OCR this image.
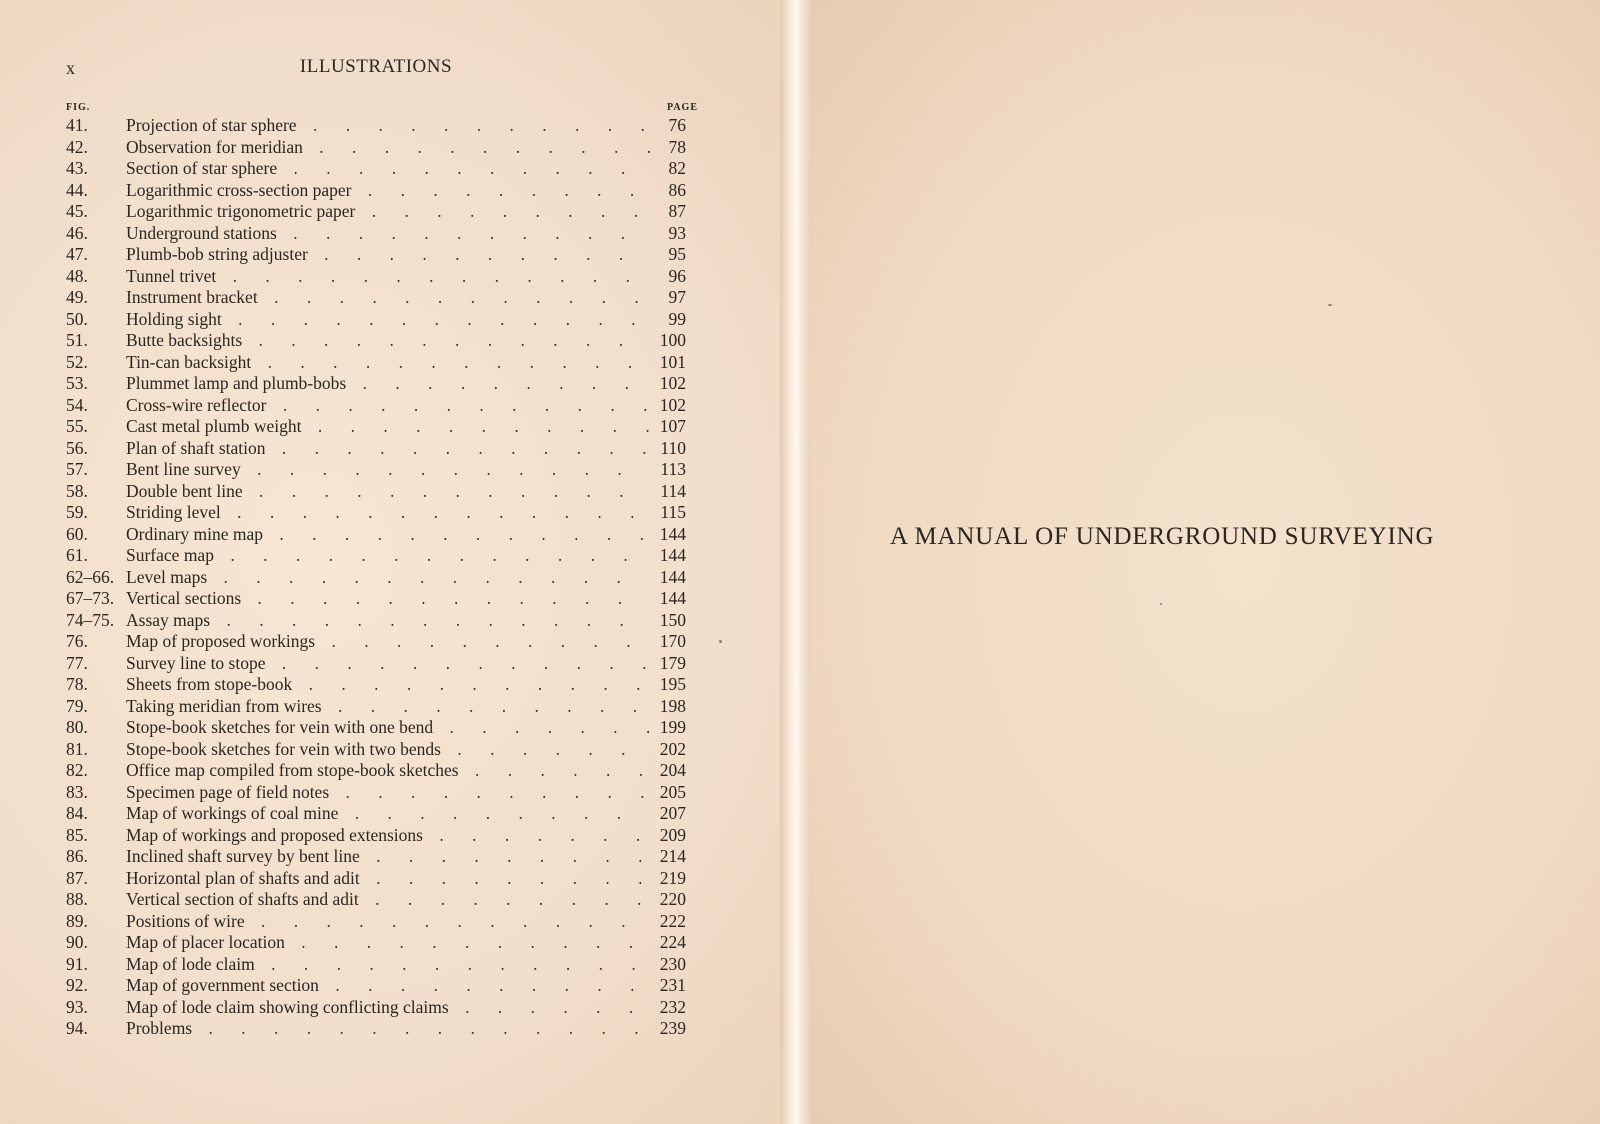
x	ILLUSTRATIONS
FIG.	PAGE
41.	Projection of star sphere . . .	76
42.	Observation for meridian . . .	78
43.	Section of star sphere . . .	82
44.	Logarithmic cross-section paper . . .	86
45.	Logarithmic trigonometric paper . . .	87
46.	Underground stations . . .	93
47.	Plumb-bob string adjuster . . .	95
48.	Tunnel trivet . . .	96
49.	Instrument bracket . . .	97
50.	Holding sight . . .	99
51.	Butte backsights . . .	100
52.	Tin-can backsight . . .	101
53.	Plummet lamp and plumb-bobs . . .	102
54.	Cross-wire reflector . . .	102
55.	Cast metal plumb weight . . .	107
56.	Plan of shaft station . . .	110
57.	Bent line survey . . .	113
58.	Double bent line . . .	114
59.	Striding level . . .	115
60.	Ordinary mine map . . .	144
61.	Surface map . . .	144
62–66. Level maps . . .	144
67–73. Vertical sections . . .	144
74–75. Assay maps . . .	150
76.	Map of proposed workings . . .	170
77.	Survey line to stope . . .	179
78.	Sheets from stope-book . . .	195
79.	Taking meridian from wires . . .	198
80.	Stope-book sketches for vein with one bend . . .	199
81.	Stope-book sketches for vein with two bends . . .	202
82.	Office map compiled from stope-book sketches . . .	204
83.	Specimen page of field notes . . .	205
84.	Map of workings of coal mine . . .	207
85.	Map of workings and proposed extensions . . .	209
86.	Inclined shaft survey by bent line . . .	214
87.	Horizontal plan of shafts and adit . . .	219
88.	Vertical section of shafts and adit . . .	220
89.	Positions of wire . . .	222
90.	Map of placer location . . .	224
91.	Map of lode claim . . .	230
92.	Map of government section . . .	231
93.	Map of lode claim showing conflicting claims . . .	232
94.	Problems . . .	239
A MANUAL OF UNDERGROUND SURVEYING
